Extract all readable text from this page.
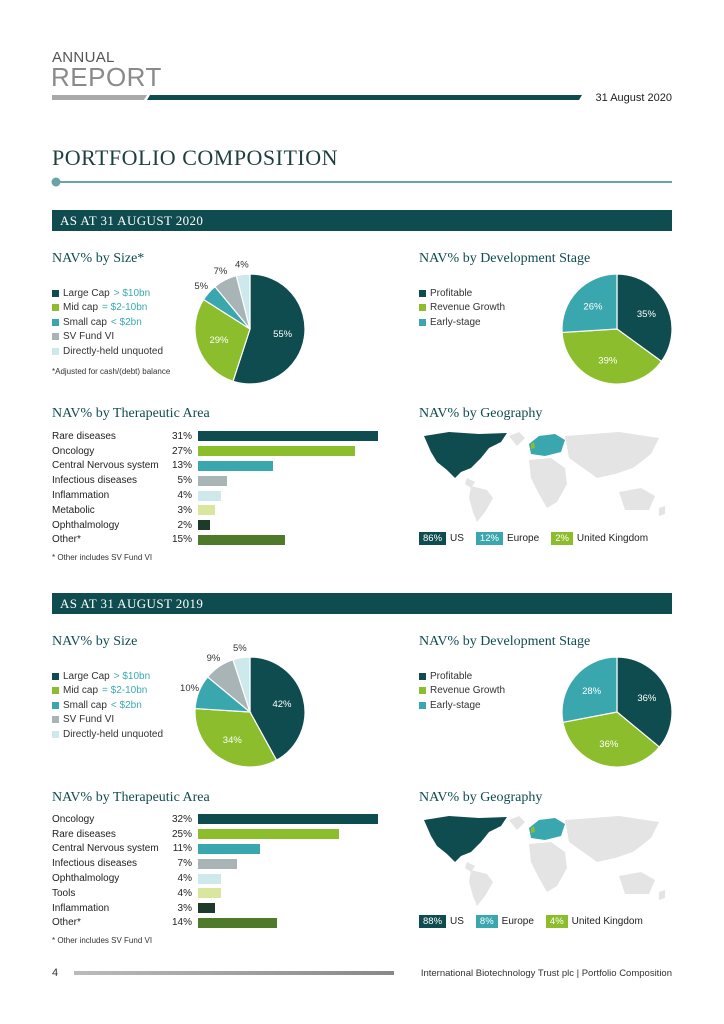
ANNUAL
REPORT
31 August 2020
PORTFOLIO COMPOSITION
AS AT 31 AUGUST 2020
NAV% by Size*
Large Cap > $10bn
Mid cap = $2-10bn
Small cap < $2bn
SV Fund VI
Directly-held unquoted
*Adjusted for cash/(debt) balance
55%
29%
5%
7%
4%	NAV% by Development Stage
Profitable
Revenue Growth
Early-stage
35%
39%
26%
NAV% by Therapeutic Area
Rare diseases	31%
Oncology	27%
Central Nervous system	13%
Infectious diseases	5%
Inflammation	4%
Metabolic	3%
Ophthalmology	2%
Other*	15%
* Other includes SV Fund VI
NAV% by Geography
86% US	12% Europe	2% United Kingdom
AS AT 31 AUGUST 2019
NAV% by Size
Large Cap > $10bn
Mid cap = $2-10bn
Small cap < $2bn
SV Fund VI
Directly-held unquoted
42%
34%
10%
9%
5%	NAV% by Development Stage
Profitable
Revenue Growth
Early-stage
36%
36%
28%
NAV% by Therapeutic Area
Oncology	32%
Rare diseases	25%
Central Nervous system	11%
Infectious diseases	7%
Ophthalmology	4%
Tools	4%
Inflammation	3%
Other*	14%
* Other includes SV Fund VI
NAV% by Geography
88% US	8% Europe	4% United Kingdom
4	International Biotechnology Trust plc | Portfolio Composition
